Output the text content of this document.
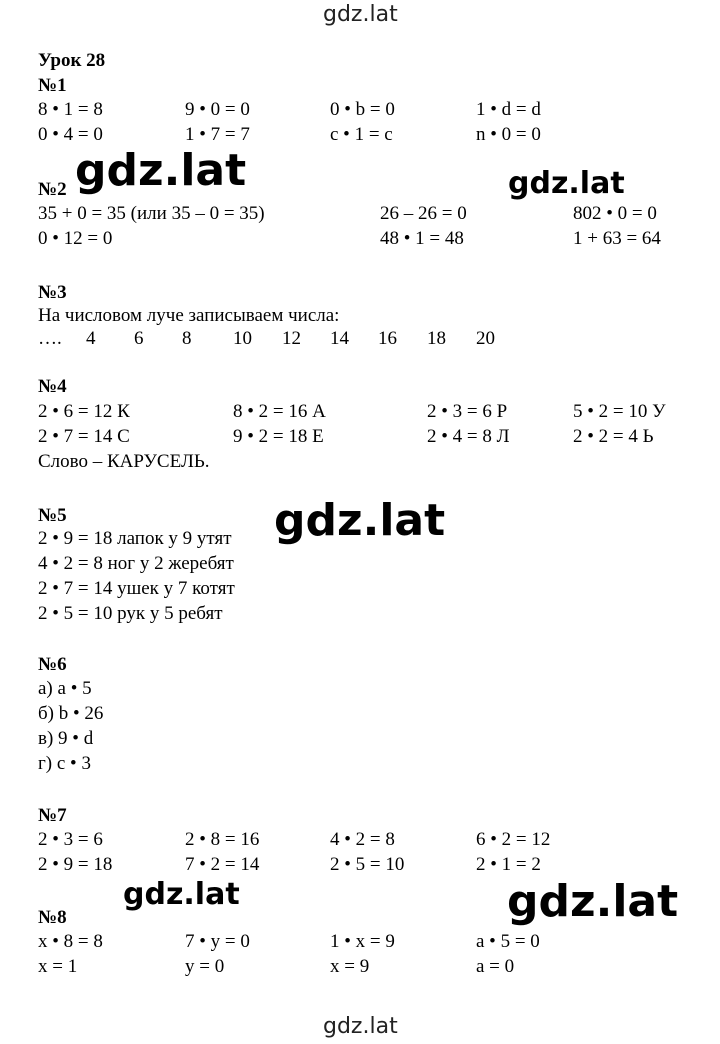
gdz.lat
gdz.lat
gdz.lat	gdz.lat
gdz.lat
gdz.lat	gdz.lat
Урок 28
№1
8 • 1 = 8	9 • 0 = 0	0 • b = 0	1 • d = d
0 • 4 = 0	1 • 7 = 7	c • 1 = c	n • 0 = 0
№2
35 + 0 = 35 (или 35 – 0 = 35)	26 – 26 = 0	802 • 0 = 0
0 • 12 = 0	48 • 1 = 48	1 + 63 = 64
№3
На числовом луче записываем числа:
…. 4 6 8 10 12 14 16 18 20
№4
2 • 6 = 12 К	8 • 2 = 16 А	2 • 3 = 6 Р	5 • 2 = 10 У
2 • 7 = 14 С	9 • 2 = 18 Е	2 • 4 = 8 Л	2 • 2 = 4 Ь
Слово – КАРУСЕЛЬ.
№5
2 • 9 = 18 лапок у 9 утят
4 • 2 = 8 ног у 2 жеребят
2 • 7 = 14 ушек у 7 котят
2 • 5 = 10 рук у 5 ребят
№6
а) a • 5
б) b • 26
в) 9 • d
г) c • 3
№7
2 • 3 = 6	2 • 8 = 16	4 • 2 = 8	6 • 2 = 12
2 • 9 = 18	7 • 2 = 14	2 • 5 = 10	2 • 1 = 2
№8
x • 8 = 8	7 • y = 0	1 • x = 9	a • 5 = 0
x = 1	y = 0	x = 9	a = 0
